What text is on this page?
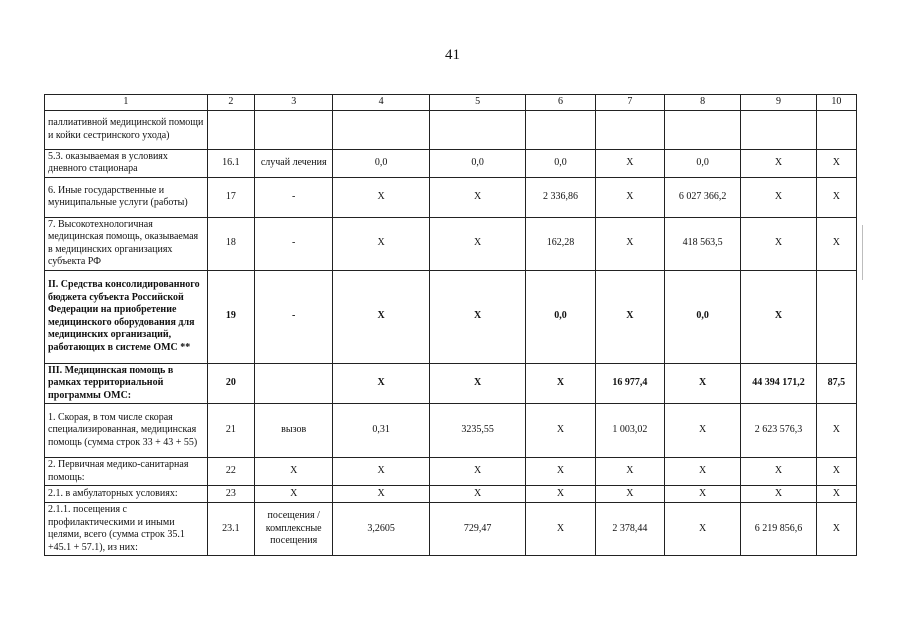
41
1	2	3	4	5	6	7	8	9	10
паллиативной медицинской помощи и койки сестринского ухода)									
5.3. оказываемая в условиях дневного стационара	16.1	случай лечения	0,0	0,0	0,0	X	0,0	X	X
6. Иные государственные и муниципальные услуги (работы)	17	-	X	X	2 336,86	X	6 027 366,2	X	X
7. Высокотехнологичная медицинская помощь, оказываемая в медицинских организациях субъекта РФ	18	-	X	X	162,28	X	418 563,5	X	X
II. Средства консолидированного бюджета субъекта Российской Федерации на приобретение медицинского оборудования для медицинских организаций, работающих в системе ОМС **	19	-	X	X	0,0	X	0,0	X	
III. Медицинская помощь в рамках территориальной программы ОМС:	20		X	X	X	16 977,4	X	44 394 171,2	87,5
1. Скорая, в том числе скорая специализированная, медицинская помощь (сумма строк 33 + 43 + 55)	21	вызов	0,31	3235,55	X	1 003,02	X	2 623 576,3	X
2. Первичная медико-санитарная помощь:	22	X	X	X	X	X	X	X	X
2.1. в амбулаторных условиях:	23	X	X	X	X	X	X	X	X
2.1.1. посещения с профилактическими и иными целями, всего (сумма строк 35.1 +45.1 + 57.1), из них:	23.1	посещения / комплексные посещения	3,2605	729,47	X	2 378,44	X	6 219 856,6	X
